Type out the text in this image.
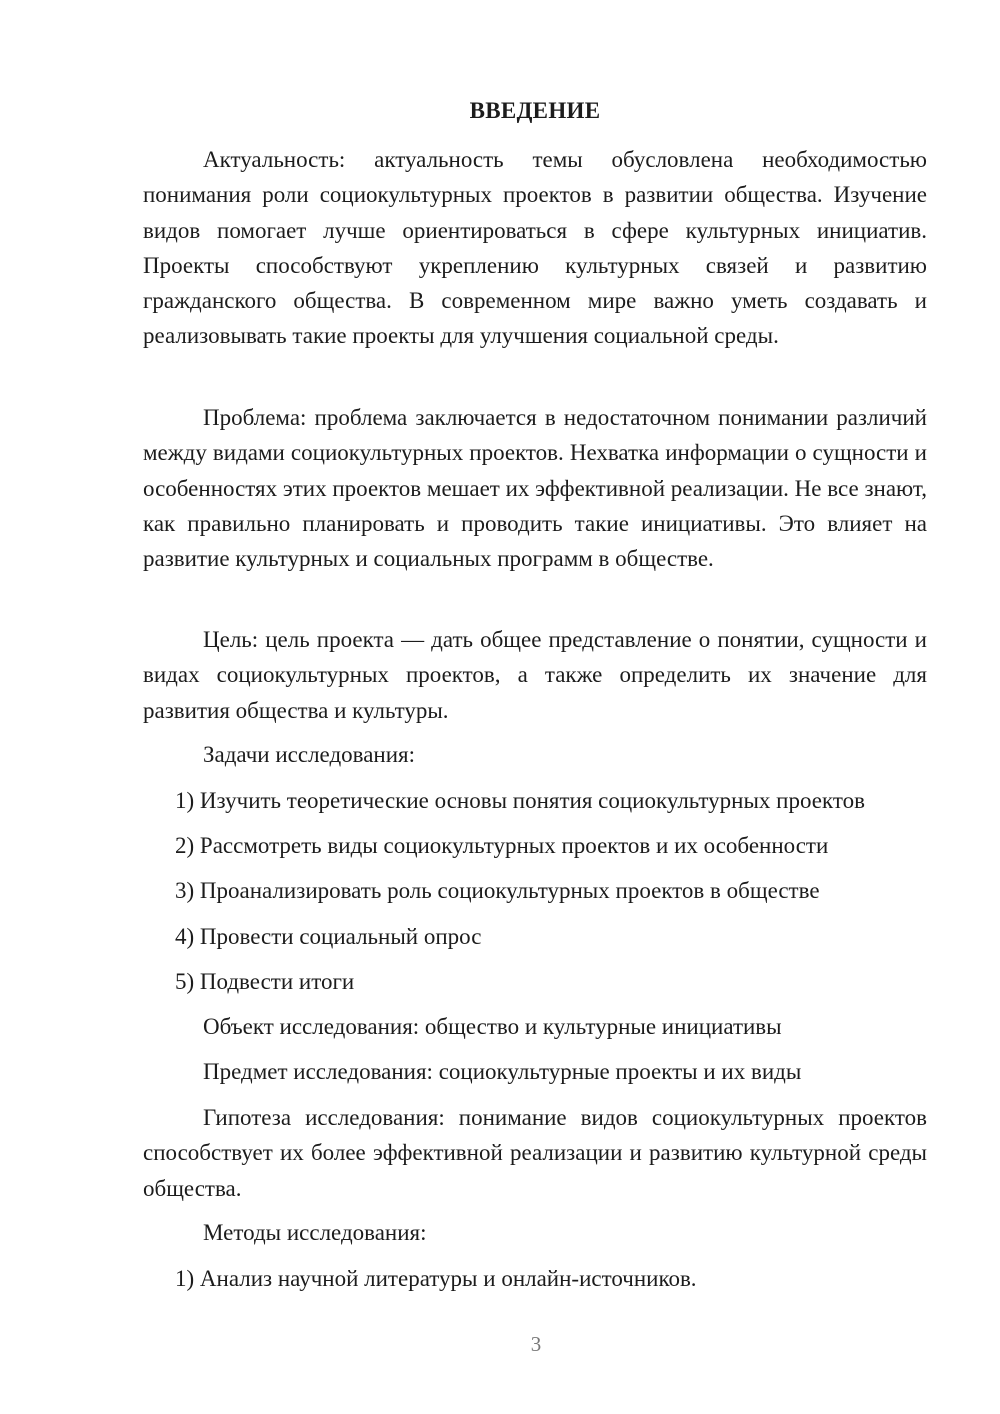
ВВЕДЕНИЕ

Актуальность: актуальность темы обусловлена необходимостью понимания роли социокультурных проектов в развитии общества. Изучение видов помогает лучше ориентироваться в сфере культурных инициатив. Проекты способствуют укреплению культурных связей и развитию гражданского общества. В современном мире важно уметь создавать и реализовывать такие проекты для улучшения социальной среды.

Проблема: проблема заключается в недостаточном понимании различий между видами социокультурных проектов. Нехватка информации о сущности и особенностях этих проектов мешает их эффективной реализации. Не все знают, как правильно планировать и проводить такие инициативы. Это влияет на развитие культурных и социальных программ в обществе.

Цель: цель проекта — дать общее представление о понятии, сущности и видах социокультурных проектов, а также определить их значение для развития общества и культуры.

Задачи исследования:

1) Изучить теоретические основы понятия социокультурных проектов

2) Рассмотреть виды социокультурных проектов и их особенности

3) Проанализировать роль социокультурных проектов в обществе

4) Провести социальный опрос

5) Подвести итоги

Объект исследования: общество и культурные инициативы

Предмет исследования: социокультурные проекты и их виды

Гипотеза исследования: понимание видов социокультурных проектов способствует их более эффективной реализации и развитию культурной среды общества.

Методы исследования:

1) Анализ научной литературы и онлайн-источников.

3
